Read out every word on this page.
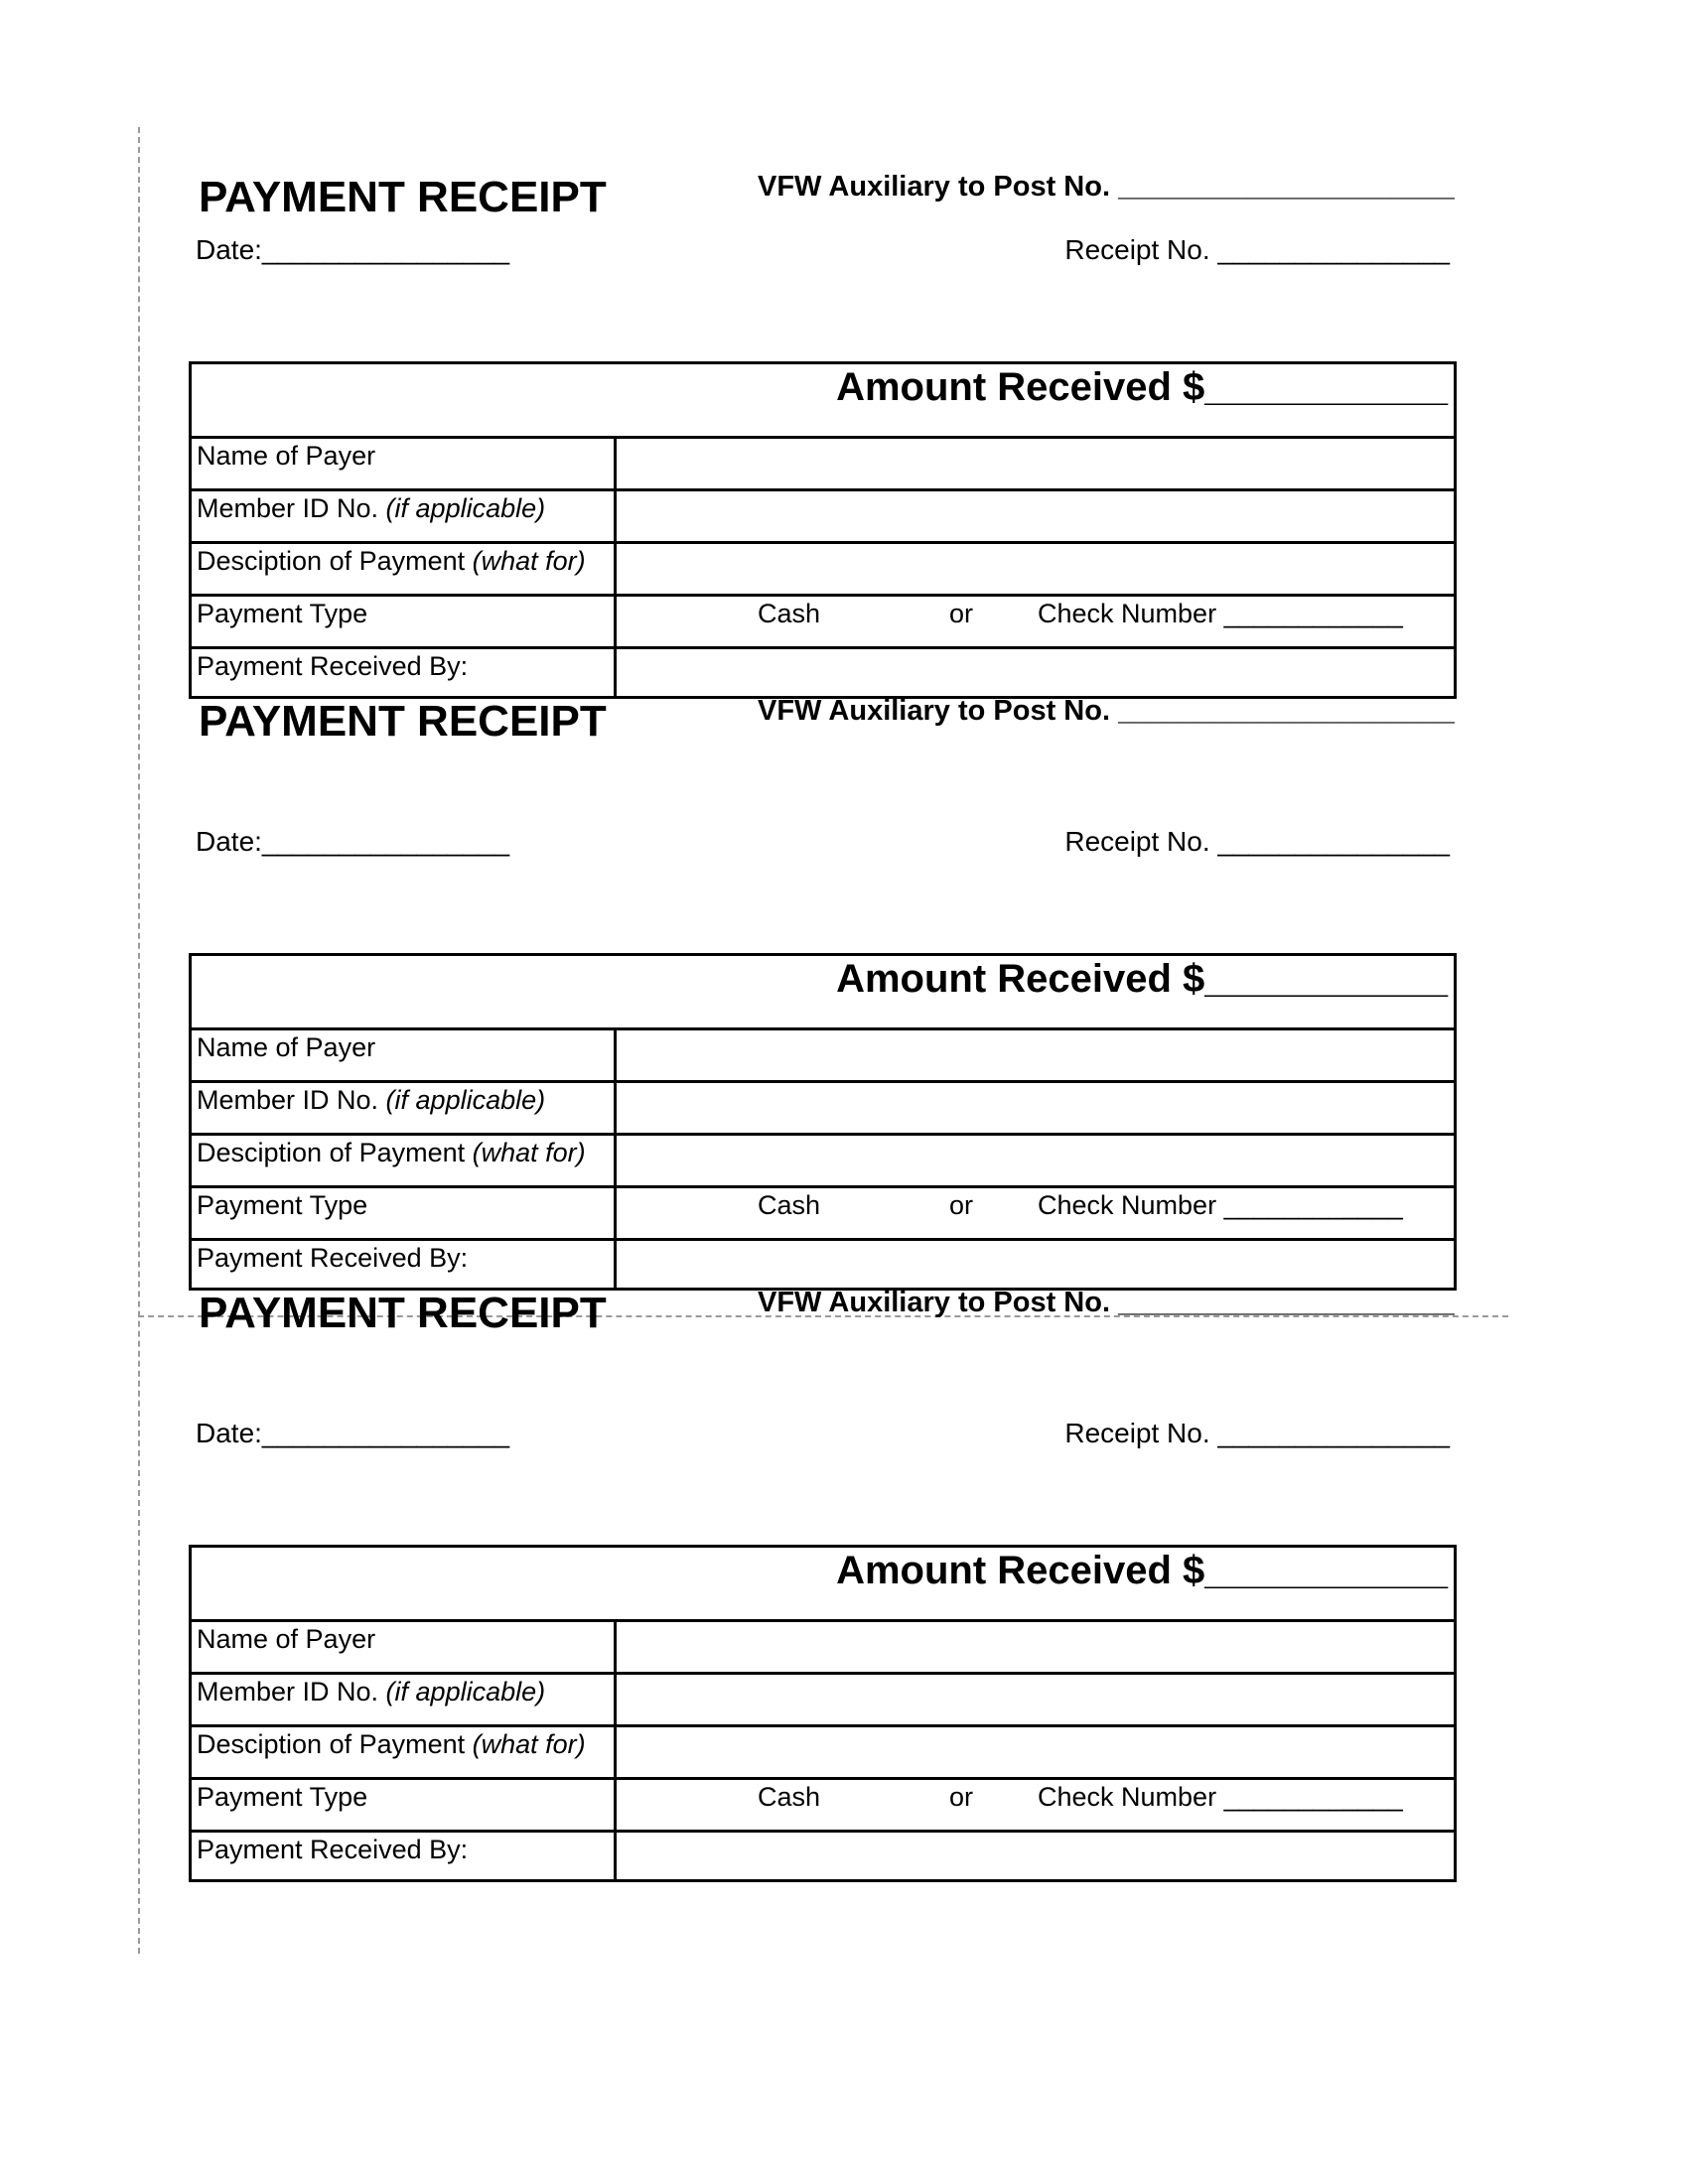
PAYMENT RECEIPT	VFW Auxiliary to Post No. _____________________
Date:________________	Receipt No. _______________
Amount Received $___________
Name of Payer
Member ID No. (if applicable)
Desciption of Payment (what for)
Payment Type	Cash	or Check Number ____________
Payment Received By:
PAYMENT RECEIPT	VFW Auxiliary to Post No. _____________________
Date:________________	Receipt No. _______________
Amount Received $___________
Name of Payer
Member ID No. (if applicable)
Desciption of Payment (what for)
Payment Type	Cash	or Check Number ____________
Payment Received By:
PAYMENT RECEIPT	VFW Auxiliary to Post No. _____________________
Date:________________	Receipt No. _______________
Amount Received $___________
Name of Payer
Member ID No. (if applicable)
Desciption of Payment (what for)
Payment Type	Cash	or Check Number ____________
Payment Received By:
